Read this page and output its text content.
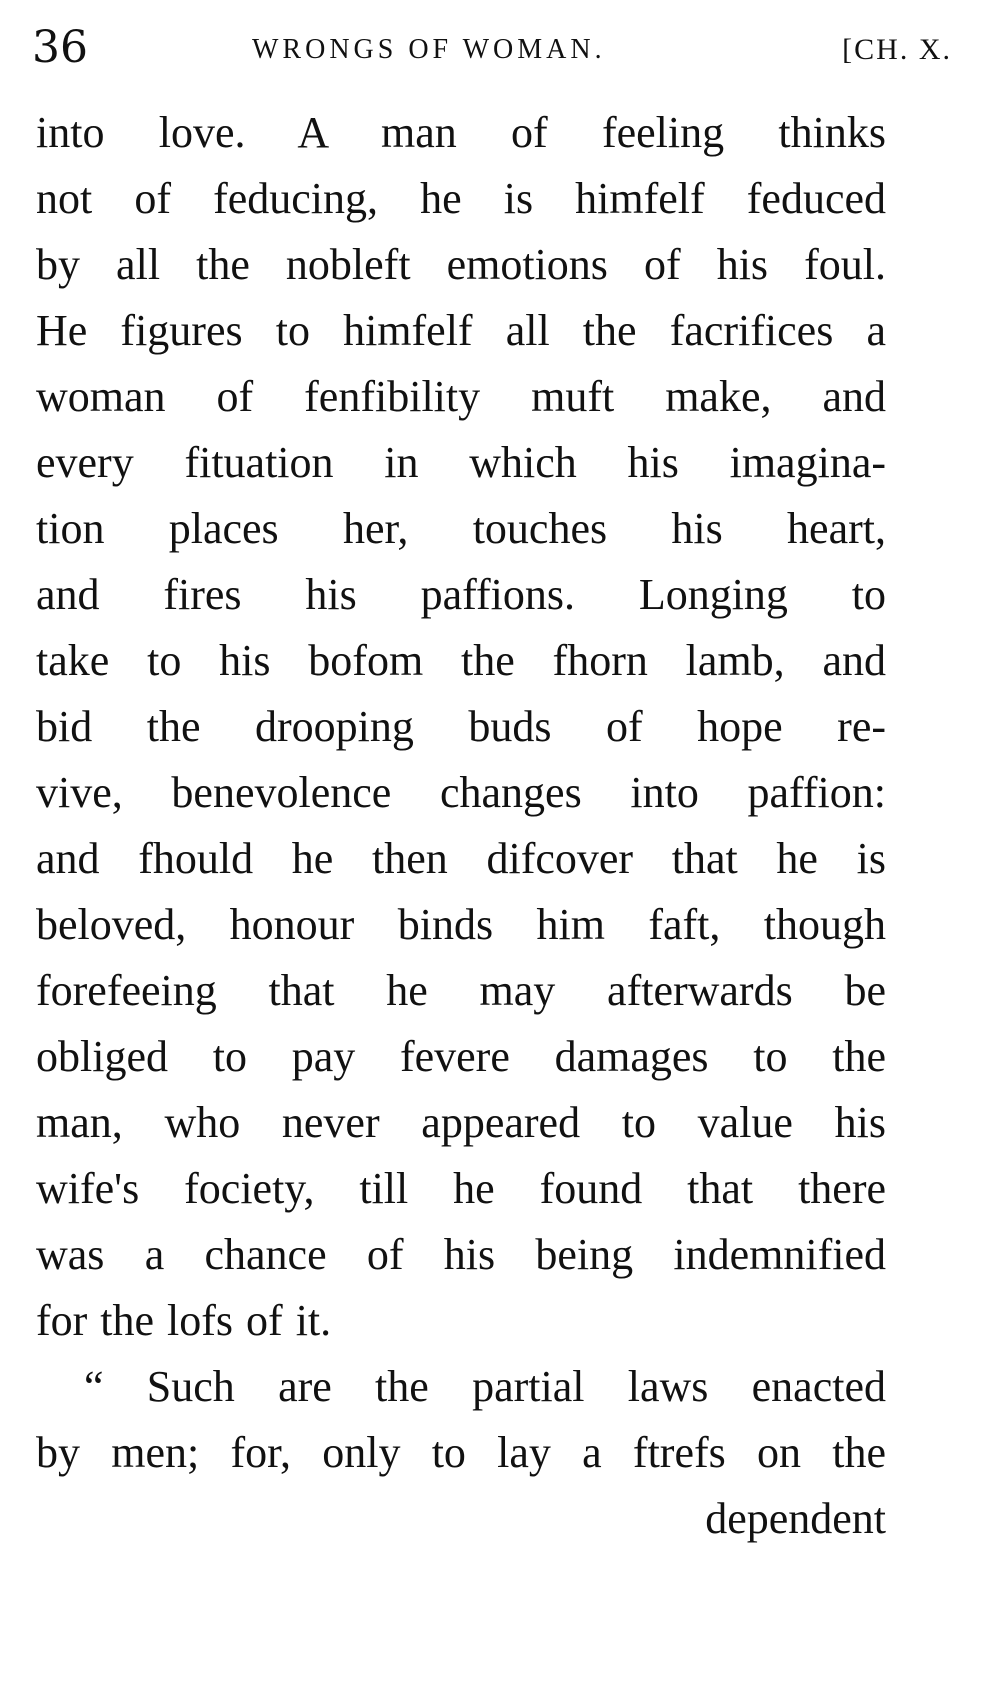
36	WRONGS OF WOMAN.	[CH. X.
into love. A man of feeling thinks
not of feducing, he is himfelf feduced
by all the nobleft emotions of his foul.
He figures to himfelf all the facrifices a
woman of fenfibility muft make, and
every fituation in which his imagina-
tion places her, touches his heart,
and fires his paffions. Longing to
take to his bofom the fhorn lamb, and
bid the drooping buds of hope re-
vive, benevolence changes into paffion:
and fhould he then difcover that he is
beloved, honour binds him faft, though
forefeeing that he may afterwards be
obliged to pay fevere damages to the
man, who never appeared to value his
wife's fociety, till he found that there
was a chance of his being indemnified
for the lofs of it.
“ Such are the partial laws enacted
by men; for, only to lay a ftrefs on the
dependent
